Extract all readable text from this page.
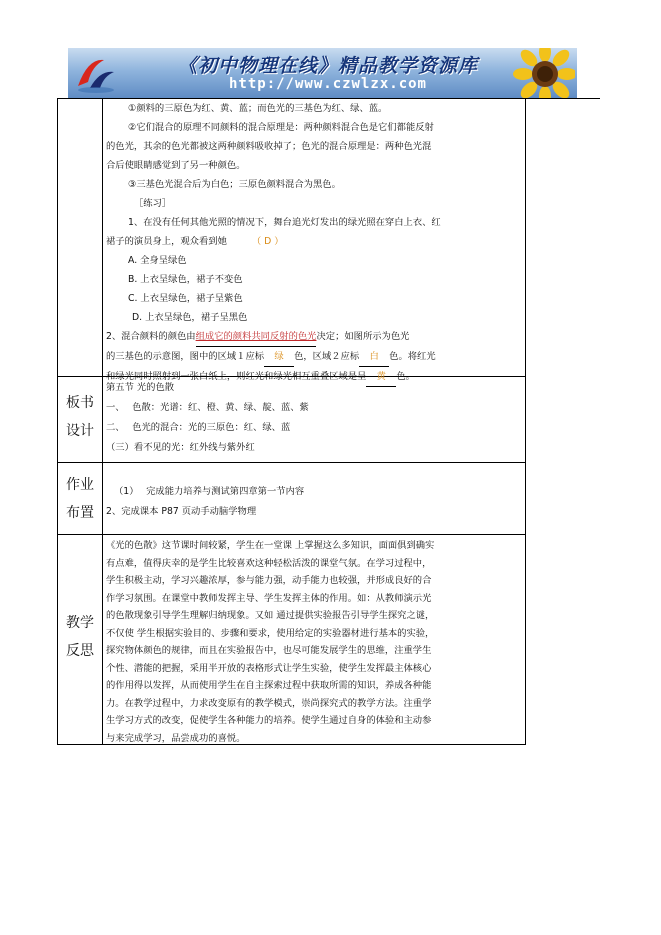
《初中物理在线》精品教学资源库
http://www.czwlzx.com
①颜料的三原色为红、黄、蓝；而色光的三基色为红、绿、蓝。
②它们混合的原理不同颜料的混合原理是：两种颜料混合色是它们都能反射
的色光，其余的色光都被这两种颜料吸收掉了；色光的混合原理是：两种色光混
合后使眼睛感觉到了另一种颜色。
③三基色光混合后为白色；三原色颜料混合为黑色。
［练习］
1、在没有任何其他光照的情况下，舞台追光灯发出的绿光照在穿白上衣、红
裙子的演员身上，观众看到她	（ D ）
A. 全身呈绿色
B. 上衣呈绿色，裙子不变色
C. 上衣呈绿色，裙子呈紫色
D. 上衣呈绿色，裙子呈黑色
2、混合颜料的颜色由组成它的颜料共同反射的色光决定；如图所示为色光
的三基色的示意图，图中的区域１应标 绿 色，区域２应标 白 色。将红光
和绿光同时照射到一张白纸上，则红光和绿光相互重叠区域是呈 黄 色。
板书
设计
第五节 光的色散
一、　 色散：光谱：红、橙、黄、绿、靛、蓝、紫
二、　 色光的混合：光的三原色：红、绿、蓝
（三）看不见的光：红外线与紫外红
作业
布置
（1）　 完成能力培养与测试第四章第一节内容
2、完成课本 P87 页动手动脑学物理
教学
反思
《光的色散》这节课时间较紧，学生在一堂课 上掌握这么多知识，面面俱到确实
有点难，值得庆幸的是学生比较喜欢这种轻松活泼的课堂气氛。在学习过程中，
学生积极主动，学习兴趣浓厚，参与能力强，动手能力也较强，并形成良好的合
作学习氛围。在课堂中教师发挥主导、学生发挥主体的作用。如：从教师演示光
的色散现象引导学生理解归纳现象。又如 通过提供实验报告引导学生探究之谜，
不仅使 学生根据实验目的、步骤和要求，使用给定的实验器材进行基本的实验，
探究物体颜色的规律，而且在实验报告中，也尽可能发展学生的思维，注重学生
个性、潜能的把握，采用半开放的表格形式让学生实验，使学生发挥最主体核心
的作用得以发挥，从而使用学生在自主探索过程中获取所需的知识，养成各种能
力。在教学过程中，力求改变原有的教学模式，崇尚探究式的教学方法。注重学
生学习方式的改变，促使学生各种能力的培养。使学生通过自身的体验和主动参
与来完成学习，品尝成功的喜悦。
